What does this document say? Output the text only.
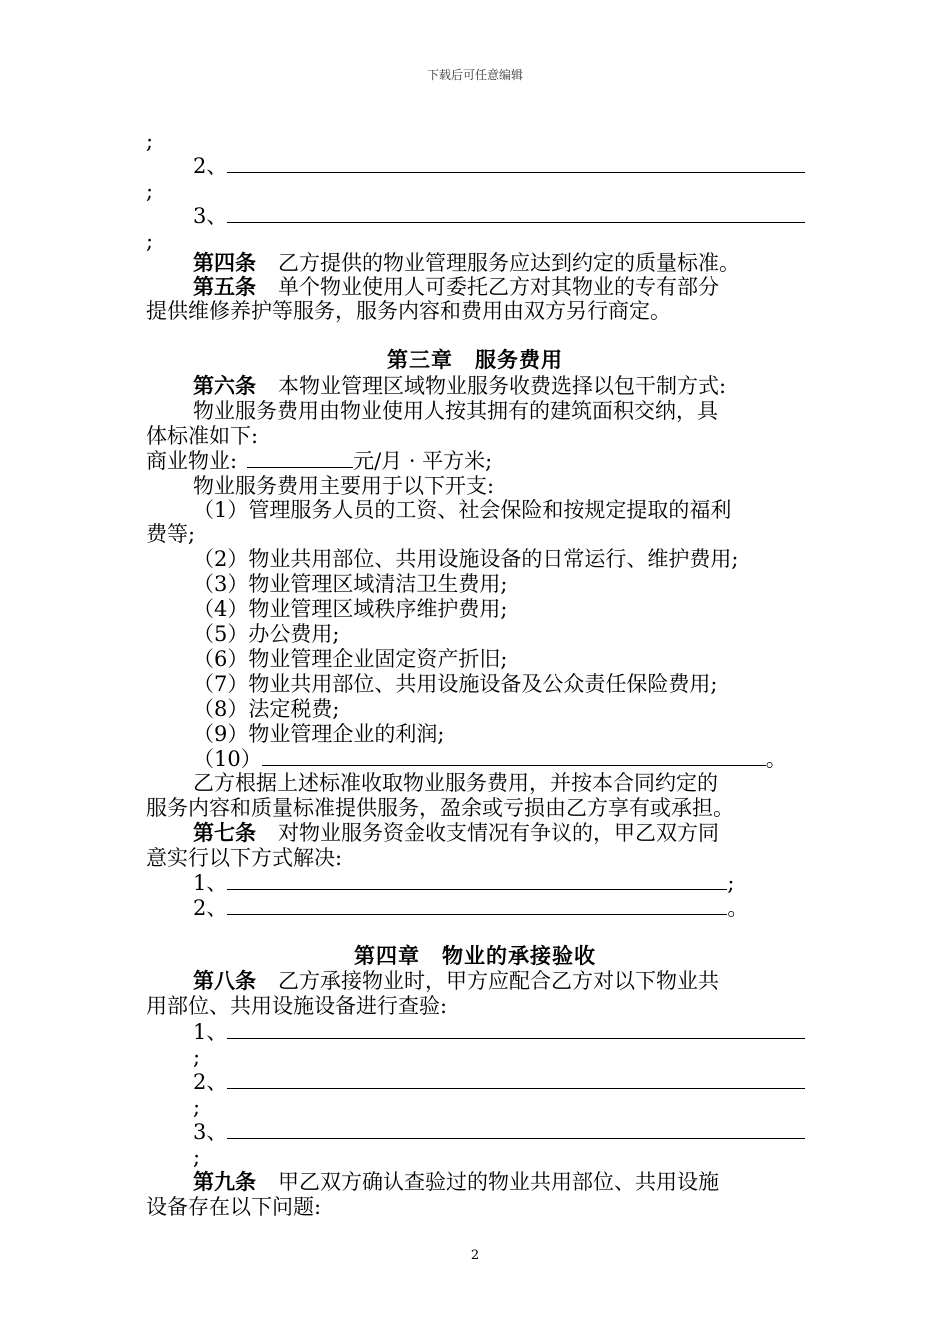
下载后可任意编辑
;
2、
;
3、
;
第四条 乙方提供的物业管理服务应达到约定的质量标准。
第五条 单个物业使用人可委托乙方对其物业的专有部分
提供维修养护等服务，服务内容和费用由双方另行商定。
第三章 服务费用
第六条 本物业管理区域物业服务收费选择以包干制方式:
物业服务费用由物业使用人按其拥有的建筑面积交纳，具
体标准如下:
商业物业:	元/月 · 平方米;
物业服务费用主要用于以下开支:
（1）管理服务人员的工资、社会保险和按规定提取的福利
费等;
（2）物业共用部位、共用设施设备的日常运行、维护费用;
（3）物业管理区域清洁卫生费用;
（4）物业管理区域秩序维护费用;
（5）办公费用;
（6）物业管理企业固定资产折旧;
（7）物业共用部位、共用设施设备及公众责任保险费用;
（8）法定税费;
（9）物业管理企业的利润;
（10）	。
乙方根据上述标准收取物业服务费用，并按本合同约定的
服务内容和质量标准提供服务，盈余或亏损由乙方享有或承担。
第七条 对物业服务资金收支情况有争议的，甲乙双方同
意实行以下方式解决:
1、	;
2、	。
第四章 物业的承接验收
第八条 乙方承接物业时，甲方应配合乙方对以下物业共
用部位、共用设施设备进行查验:
1、
;
2、
;
3、
;
第九条 甲乙双方确认查验过的物业共用部位、共用设施
设备存在以下问题:
2
